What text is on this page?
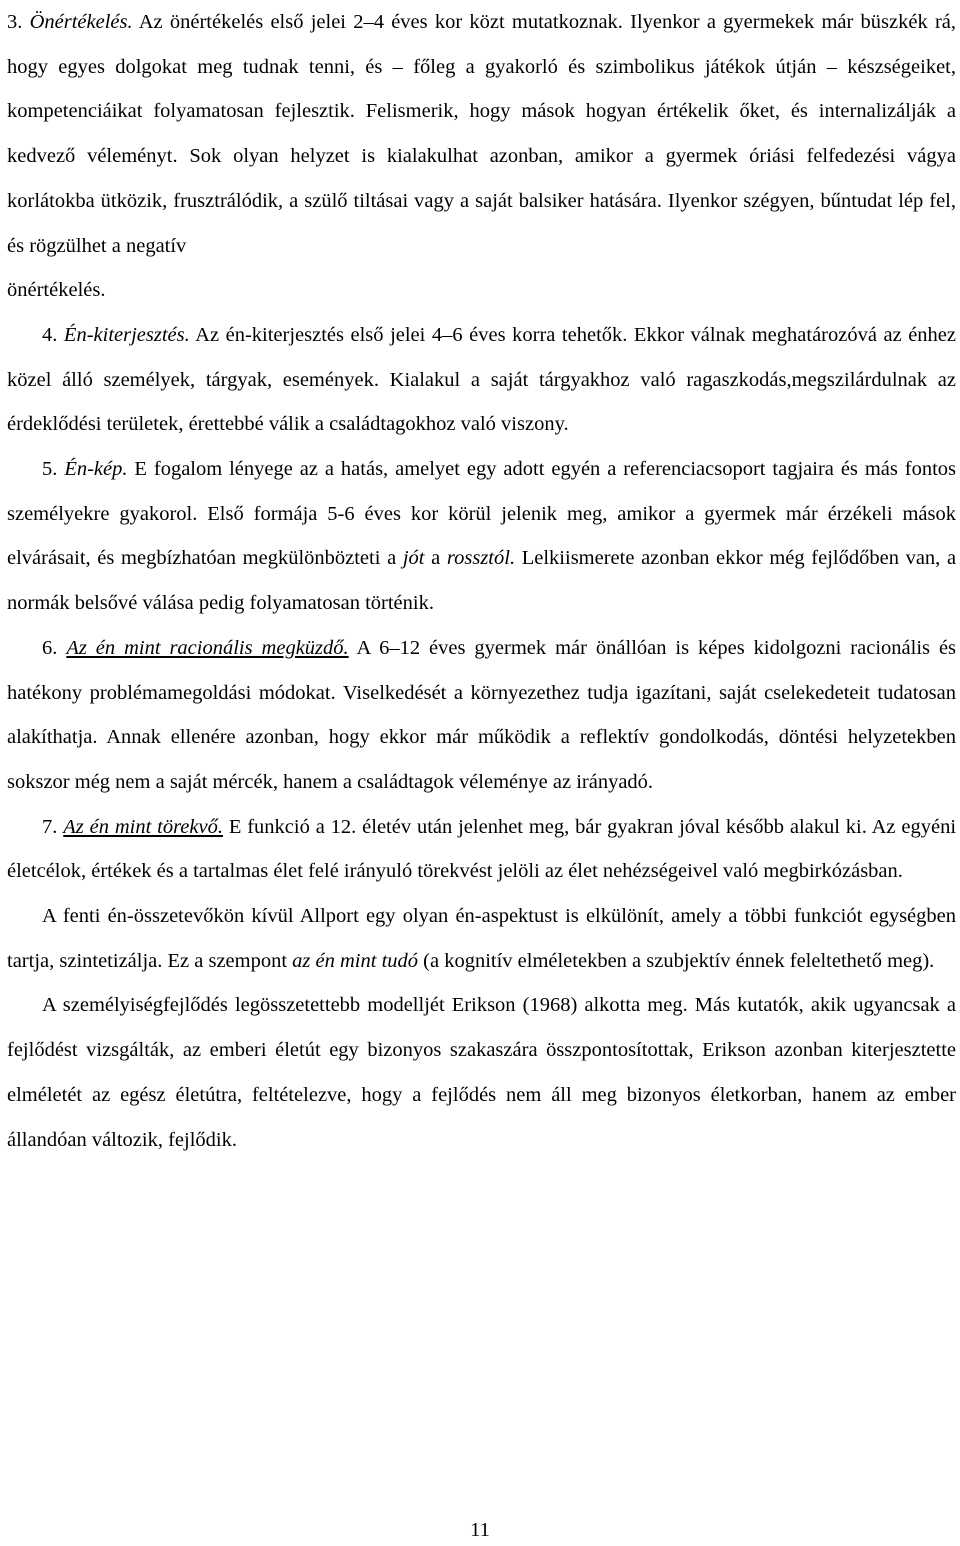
3. Önértékelés. Az önértékelés első jelei 2–4 éves kor közt mutatkoznak. Ilyenkor a gyermekek már büszkék rá, hogy egyes dolgokat meg tudnak tenni, és – főleg a gyakorló és szimbolikus játékok útján – készségeiket, kompetenciáikat folyamatosan fejlesztik. Felismerik, hogy mások hogyan értékelik őket, és internalizálják a kedvező véleményt. Sok olyan helyzet is kialakulhat azonban, amikor a gyermek óriási felfedezési vágya korlátokba ütközik, frusztrálódik, a szülő tiltásai vagy a saját balsiker hatására. Ilyenkor szégyen, bűntudat lép fel, és rögzülhet a negatív

önértékelés.

4. Én-kiterjesztés. Az én-kiterjesztés első jelei 4–6 éves korra tehetők. Ekkor válnak meghatározóvá az énhez közel álló személyek, tárgyak, események. Kialakul a saját tárgyakhoz való ragaszkodás,megszilárdulnak az érdeklődési területek, érettebbé válik a családtagokhoz való viszony.

5. Én-kép. E fogalom lényege az a hatás, amelyet egy adott egyén a referenciacsoport tagjaira és más fontos személyekre gyakorol. Első formája 5-6 éves kor körül jelenik meg, amikor a gyermek már érzékeli mások elvárásait, és megbízhatóan megkülönbözteti a jót a rossztól. Lelkiismerete azonban ekkor még fejlődőben van, a normák belsővé válása pedig folyamatosan történik.

6. Az én mint racionális megküzdő. A 6–12 éves gyermek már önállóan is képes kidolgozni racionális és hatékony problémamegoldási módokat. Viselkedését a környezethez tudja igazítani, saját cselekedeteit tudatosan alakíthatja. Annak ellenére azonban, hogy ekkor már működik a reflektív gondolkodás, döntési helyzetekben sokszor még nem a saját mércék, hanem a családtagok véleménye az irányadó.

7. Az én mint törekvő. E funkció a 12. életév után jelenhet meg, bár gyakran jóval később alakul ki. Az egyéni életcélok, értékek és a tartalmas élet felé irányuló törekvést jelöli az élet nehézségeivel való megbirkózásban.

A fenti én-összetevőkön kívül Allport egy olyan én-aspektust is elkülönít, amely a többi funkciót egységben tartja, szintetizálja. Ez a szempont az én mint tudó (a kognitív elméletekben a szubjektív énnek feleltethető meg).

A személyiségfejlődés legösszetettebb modelljét Erikson (1968) alkotta meg. Más kutatók, akik ugyancsak a fejlődést vizsgálták, az emberi életút egy bizonyos szakaszára összpontosítottak, Erikson azonban kiterjesztette elméletét az egész életútra, feltételezve, hogy a fejlődés nem áll meg bizonyos életkorban, hanem az ember állandóan változik, fejlődik.

11
